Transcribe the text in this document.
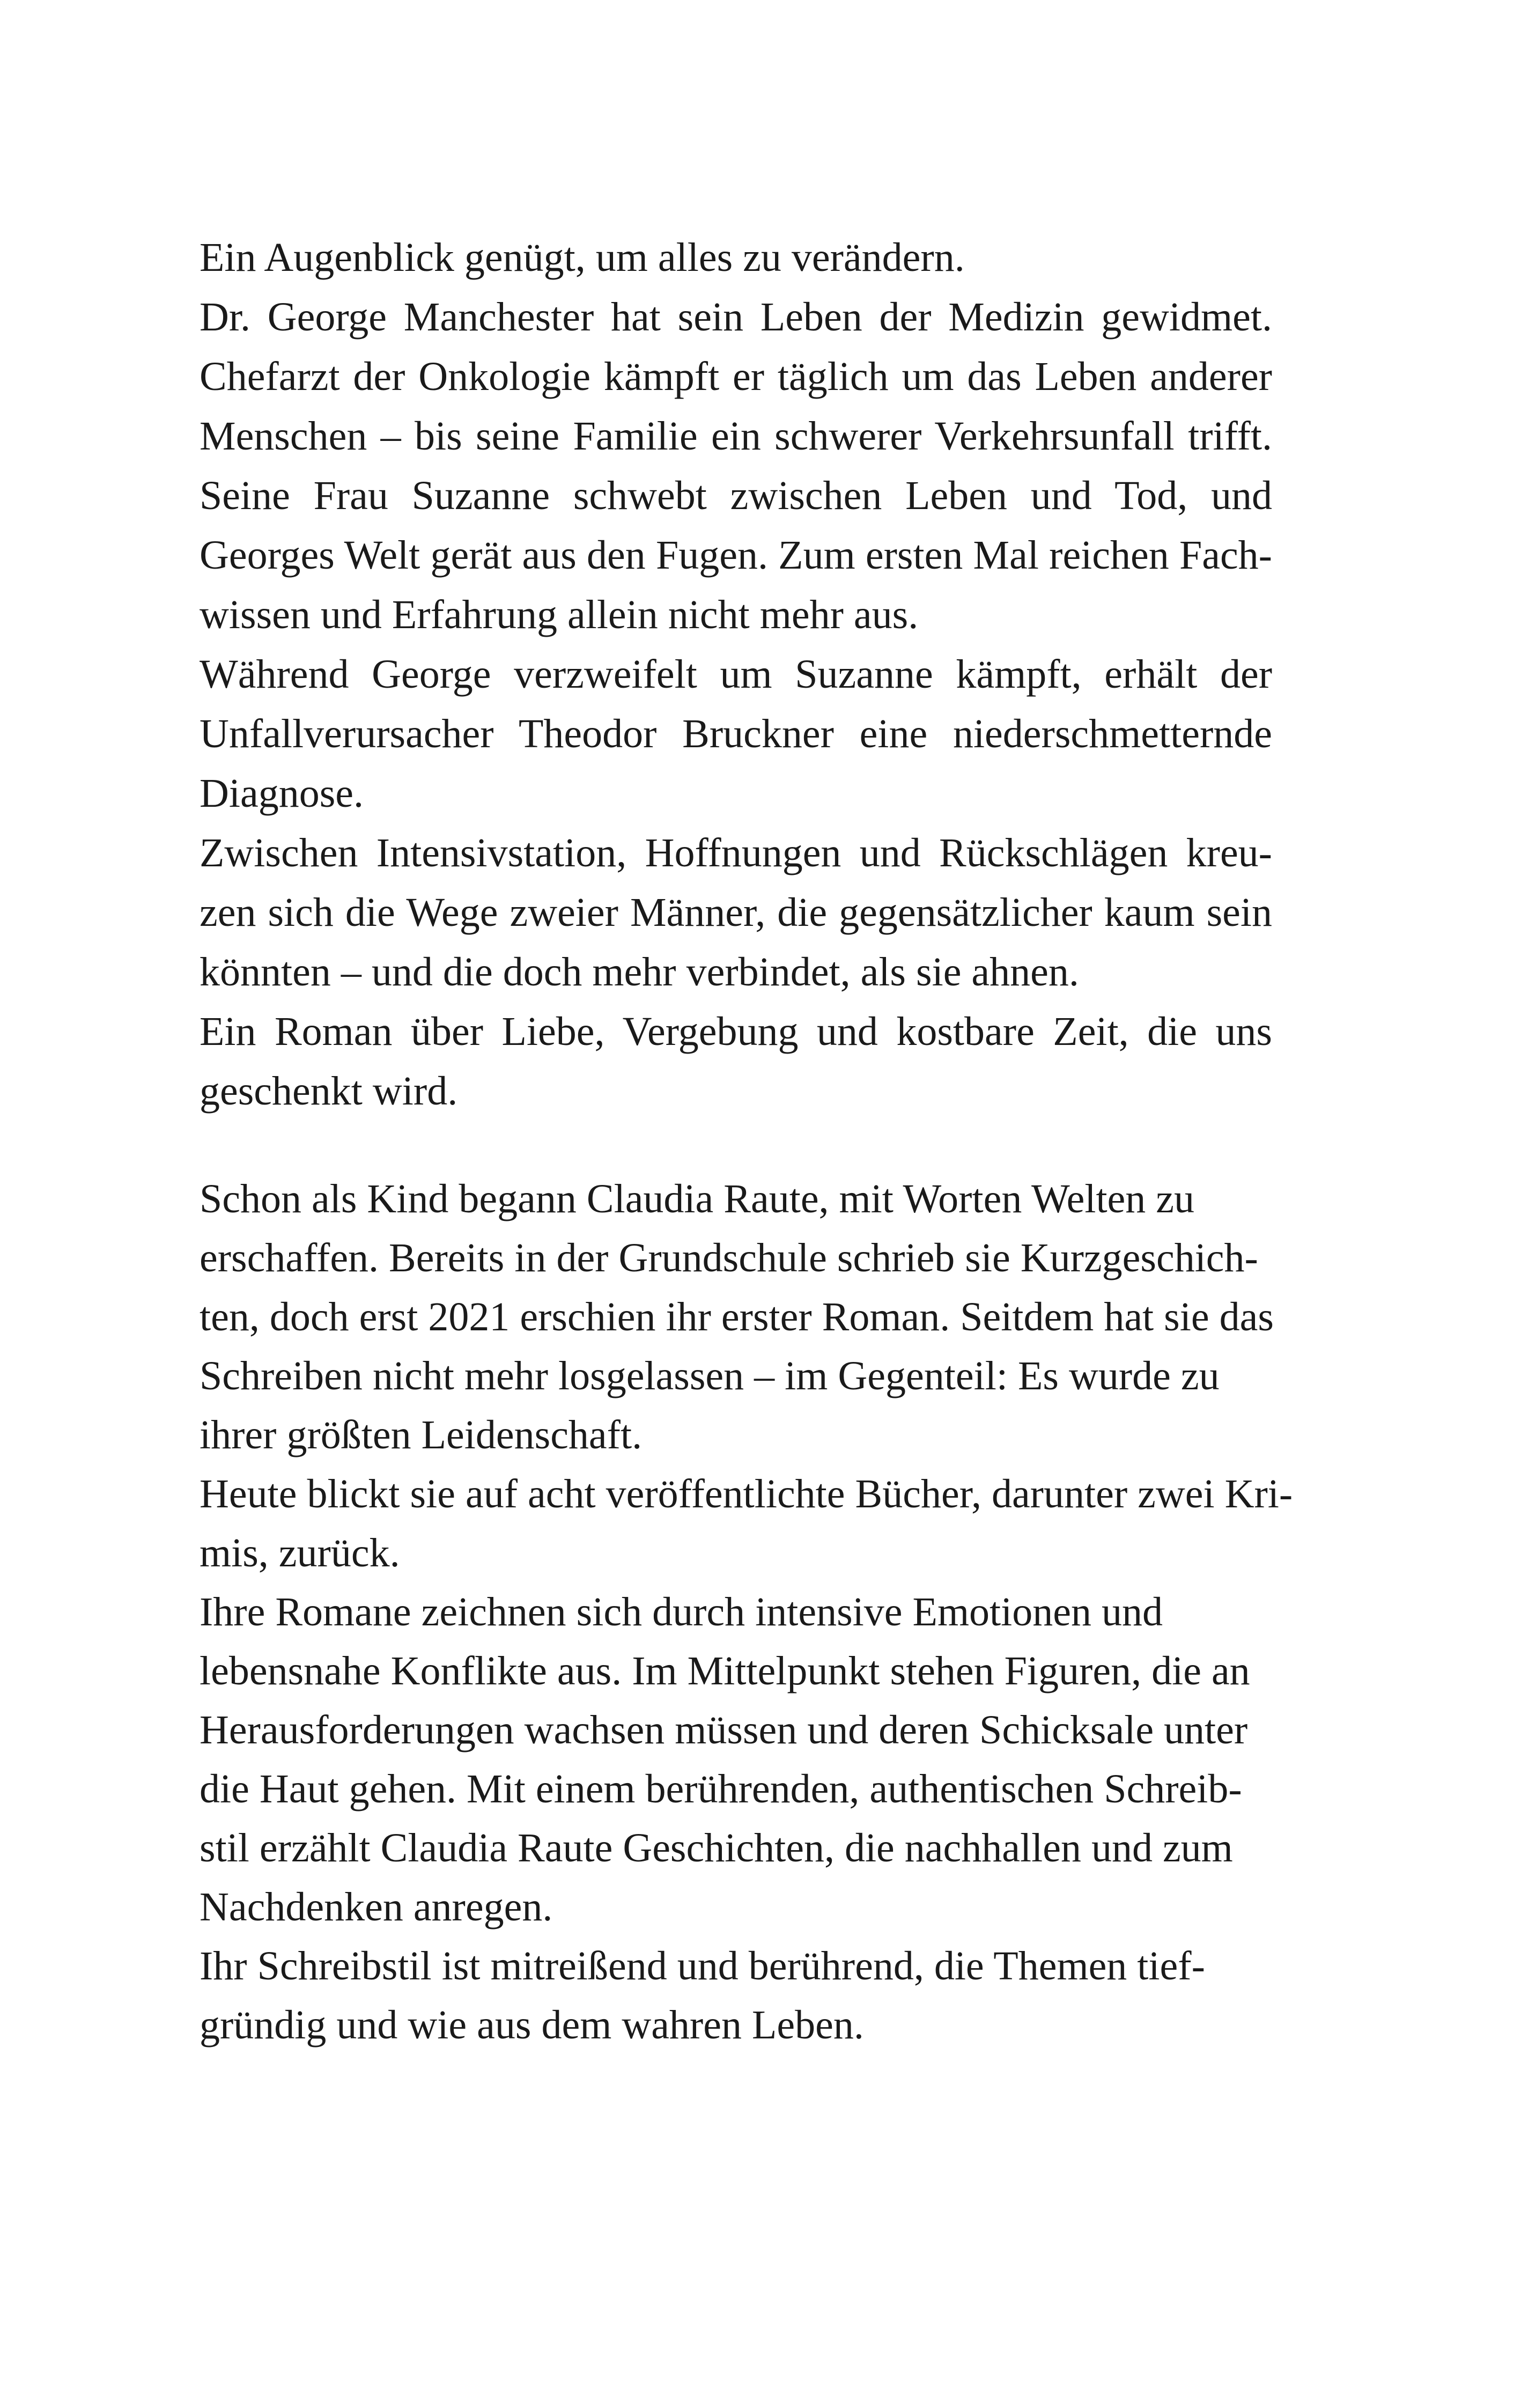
Ein Augenblick genügt, um alles zu verändern.
Dr. George Manchester hat sein Leben der Medizin gewidmet.
Chefarzt der Onkologie kämpft er täglich um das Leben anderer
Menschen – bis seine Familie ein schwerer Verkehrsunfall trifft.
Seine Frau Suzanne schwebt zwischen Leben und Tod, und
Georges Welt gerät aus den Fugen. Zum ersten Mal reichen Fach-
wissen und Erfahrung allein nicht mehr aus.
Während George verzweifelt um Suzanne kämpft, erhält der
Unfallverursacher Theodor Bruckner eine niederschmetternde
Diagnose.
Zwischen Intensivstation, Hoffnungen und Rückschlägen kreu-
zen sich die Wege zweier Männer, die gegensätzlicher kaum sein
könnten – und die doch mehr verbindet, als sie ahnen.
Ein Roman über Liebe, Vergebung und kostbare Zeit, die uns
geschenkt wird.
Schon als Kind begann Claudia Raute, mit Worten Welten zu
erschaffen. Bereits in der Grundschule schrieb sie Kurzgeschich-
ten, doch erst 2021 erschien ihr erster Roman. Seitdem hat sie das
Schreiben nicht mehr losgelassen – im Gegenteil: Es wurde zu
ihrer größten Leidenschaft.
Heute blickt sie auf acht veröffentlichte Bücher, darunter zwei Kri-
mis, zurück.
Ihre Romane zeichnen sich durch intensive Emotionen und
lebensnahe Konflikte aus. Im Mittelpunkt stehen Figuren, die an
Herausforderungen wachsen müssen und deren Schicksale unter
die Haut gehen. Mit einem berührenden, authentischen Schreib-
stil erzählt Claudia Raute Geschichten, die nachhallen und zum
Nachdenken anregen.
Ihr Schreibstil ist mitreißend und berührend, die Themen tief-
gründig und wie aus dem wahren Leben.
